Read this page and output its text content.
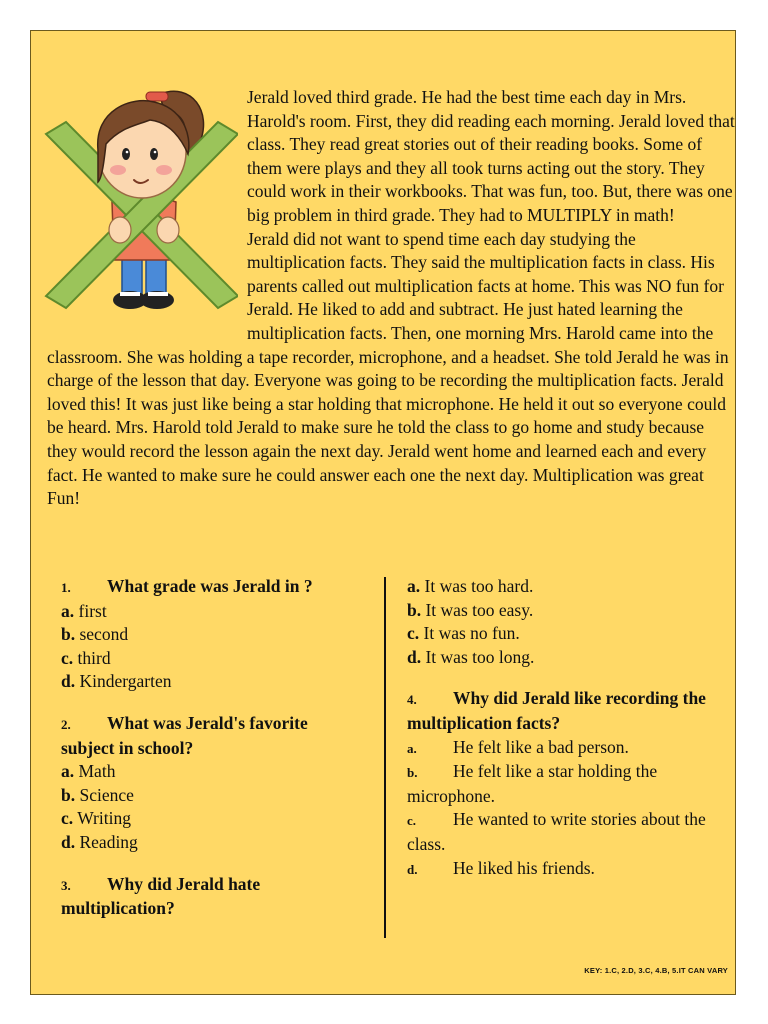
Jerald loved third grade. He had the best time each day in Mrs. Harold's room. First, they did reading each morning. Jerald loved that class. They read great stories out of their reading books. Some of them were plays and they all took turns acting out the story. They could work in their workbooks. That was fun, too. But, there was one big problem in third grade. They had to MULTIPLY in math!

Jerald did not want to spend time each day studying the multiplication facts. They said the multiplication facts in class. His parents called out multiplication facts at home. This was NO fun for Jerald. He liked to add and subtract. He just hated learning the multiplication facts. Then, one morning Mrs. Harold came into the classroom. She was holding a tape recorder, microphone, and a headset. She told Jerald he was in charge of the lesson that day. Everyone was going to be recording the multiplication facts. Jerald loved this! It was just like being a star holding that microphone. He held it out so everyone could be heard. Mrs. Harold told Jerald to make sure he told the class to go home and study because they would record the lesson again the next day. Jerald went home and learned each and every fact. He wanted to make sure he could answer each one the next day. Multiplication was great Fun!

1. What grade was Jerald in ?
a. first
b. second
c. third
d. Kindergarten
2. What was Jerald's favorite subject in school?
a. Math
b. Science
c. Writing
d. Reading
3. Why did Jerald hate multiplication?
a. It was too hard.
b. It was too easy.
c. It was no fun.
d. It was too long.
4. Why did Jerald like recording the multiplication facts?
a. He felt like a bad person.
b. He felt like a star holding the microphone.
c. He wanted to write stories about the class.
d. He liked his friends.
KEY: 1.C, 2.D, 3.C, 4.B, 5.IT CAN VARY
